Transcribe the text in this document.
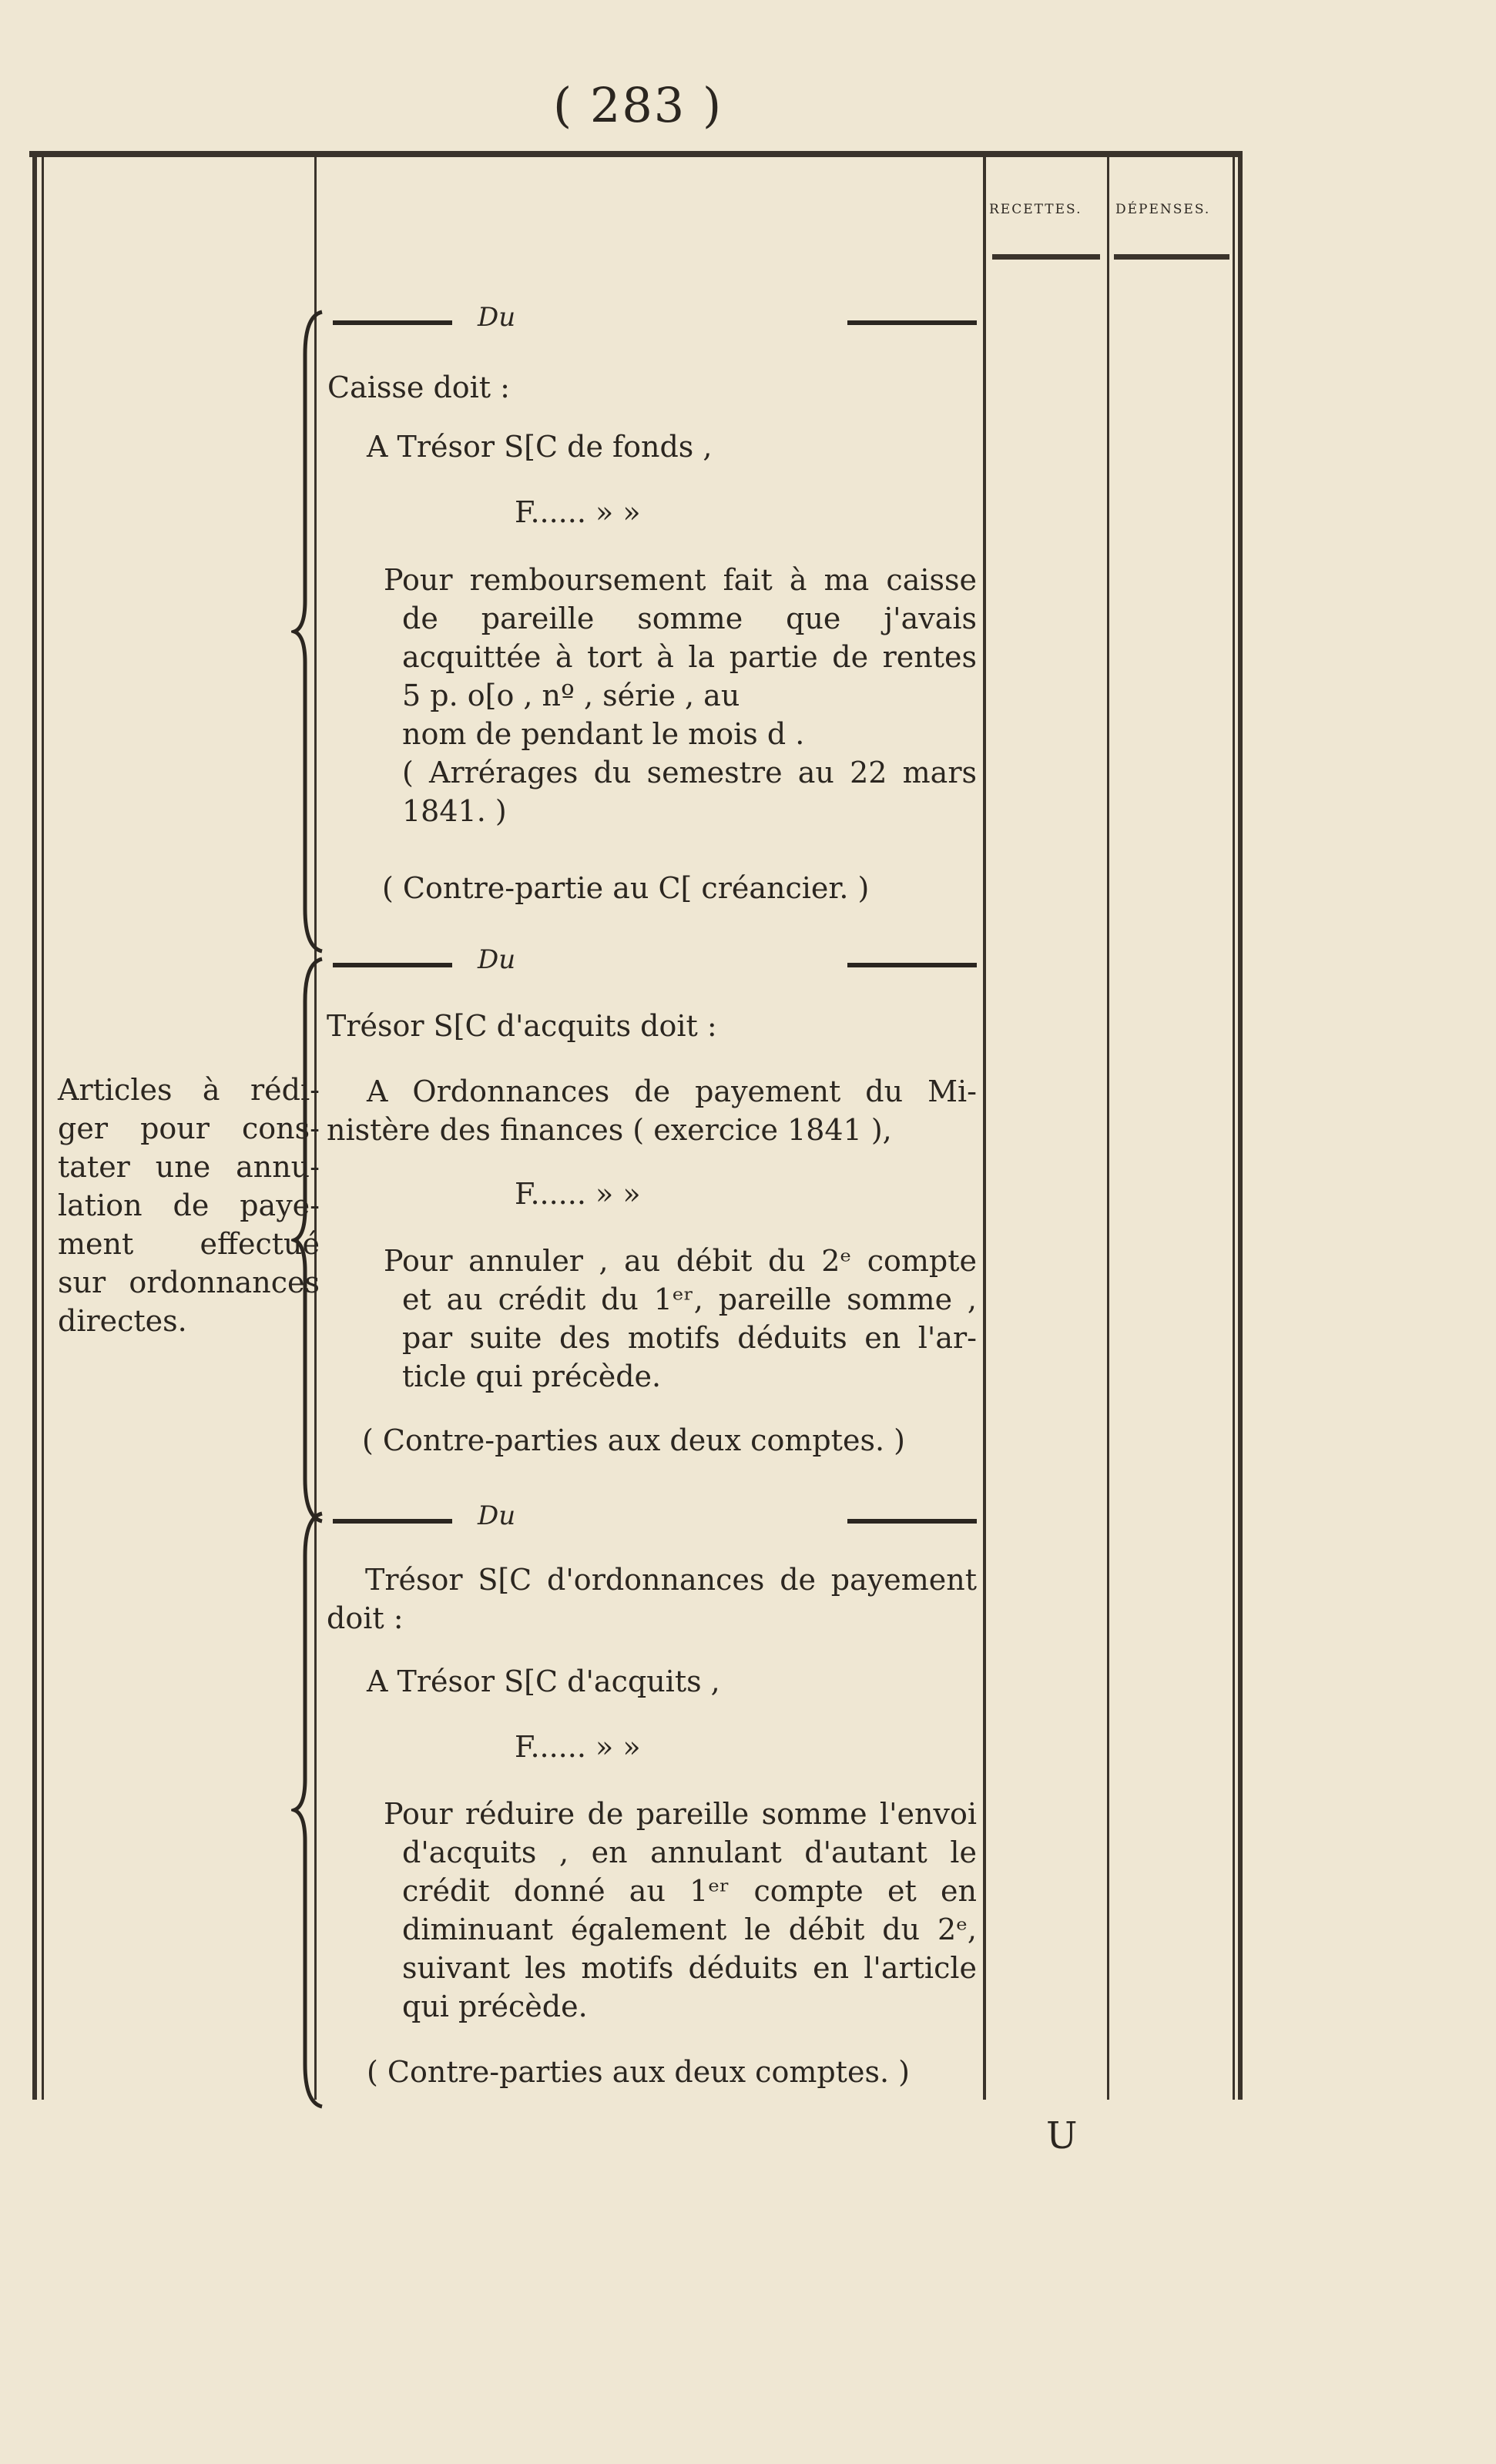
( 283 )
RECETTES.	DÉPENSES.
Articles à rédi-
ger pour cons-
tater une annu-
lation de paye-
ment effectué
sur ordonnances
directes.
Du
Caisse doit :
A Trésor S[C de fonds ,
F...... » »
Pour remboursement fait à ma caisse
de pareille somme que j'avais
acquittée à tort à la partie de rentes
5 p. o[o , nº , série , au
nom de pendant le mois d .
( Arrérages du semestre au 22 mars
1841. )
( Contre-partie au C[ créancier. )
Du
Trésor S[C d'acquits doit :
A Ordonnances de payement du Mi-
nistère des finances ( exercice 1841 ),
F...... » »
Pour annuler , au débit du 2ᵉ compte
et au crédit du 1ᵉʳ, pareille somme ,
par suite des motifs déduits en l'ar-
ticle qui précède.
( Contre-parties aux deux comptes. )
Du
Trésor S[C d'ordonnances de payement
doit :
A Trésor S[C d'acquits ,
F...... » »
Pour réduire de pareille somme l'envoi
d'acquits , en annulant d'autant le
crédit donné au 1ᵉʳ compte et en
diminuant également le débit du 2ᵉ,
suivant les motifs déduits en l'article
qui précède.
( Contre-parties aux deux comptes. )
U
